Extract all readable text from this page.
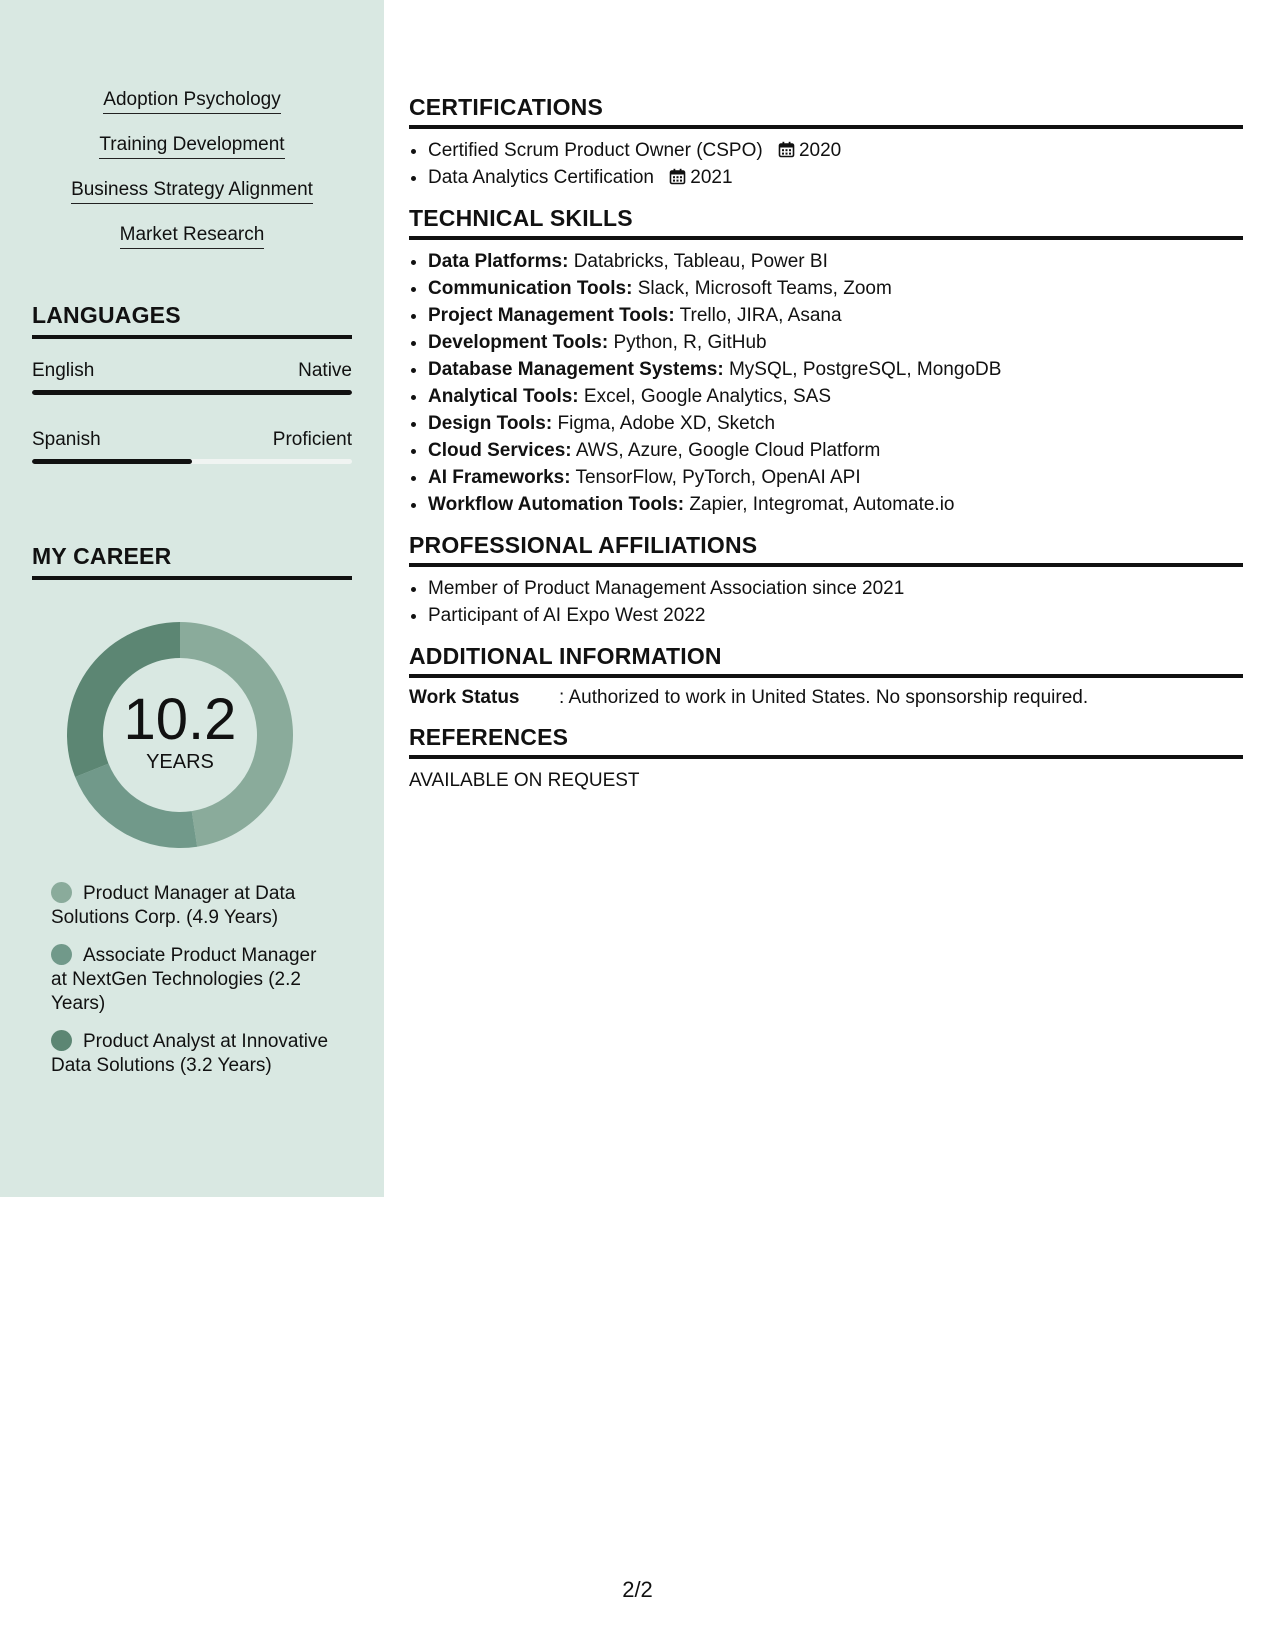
Adoption Psychology
Training Development
Business Strategy Alignment
Market Research
LANGUAGES
English	Native
Spanish	Proficient
MY CAREER
10.2
YEARS
Product Manager at Data Solutions Corp. (4.9 Years)
Associate Product Manager at NextGen Technologies (2.2 Years)
Product Analyst at Innovative Data Solutions (3.2 Years)
CERTIFICATIONS
• Certified Scrum Product Owner (CSPO) 2020
• Data Analytics Certification 2021
TECHNICAL SKILLS
• Data Platforms: Databricks, Tableau, Power BI
• Communication Tools: Slack, Microsoft Teams, Zoom
• Project Management Tools: Trello, JIRA, Asana
• Development Tools: Python, R, GitHub
• Database Management Systems: MySQL, PostgreSQL, MongoDB
• Analytical Tools: Excel, Google Analytics, SAS
• Design Tools: Figma, Adobe XD, Sketch
• Cloud Services: AWS, Azure, Google Cloud Platform
• AI Frameworks: TensorFlow, PyTorch, OpenAI API
• Workflow Automation Tools: Zapier, Integromat, Automate.io
PROFESSIONAL AFFILIATIONS
• Member of Product Management Association since 2021
• Participant of AI Expo West 2022
ADDITIONAL INFORMATION
Work Status	: Authorized to work in United States. No sponsorship required.
REFERENCES
AVAILABLE ON REQUEST
2/2
